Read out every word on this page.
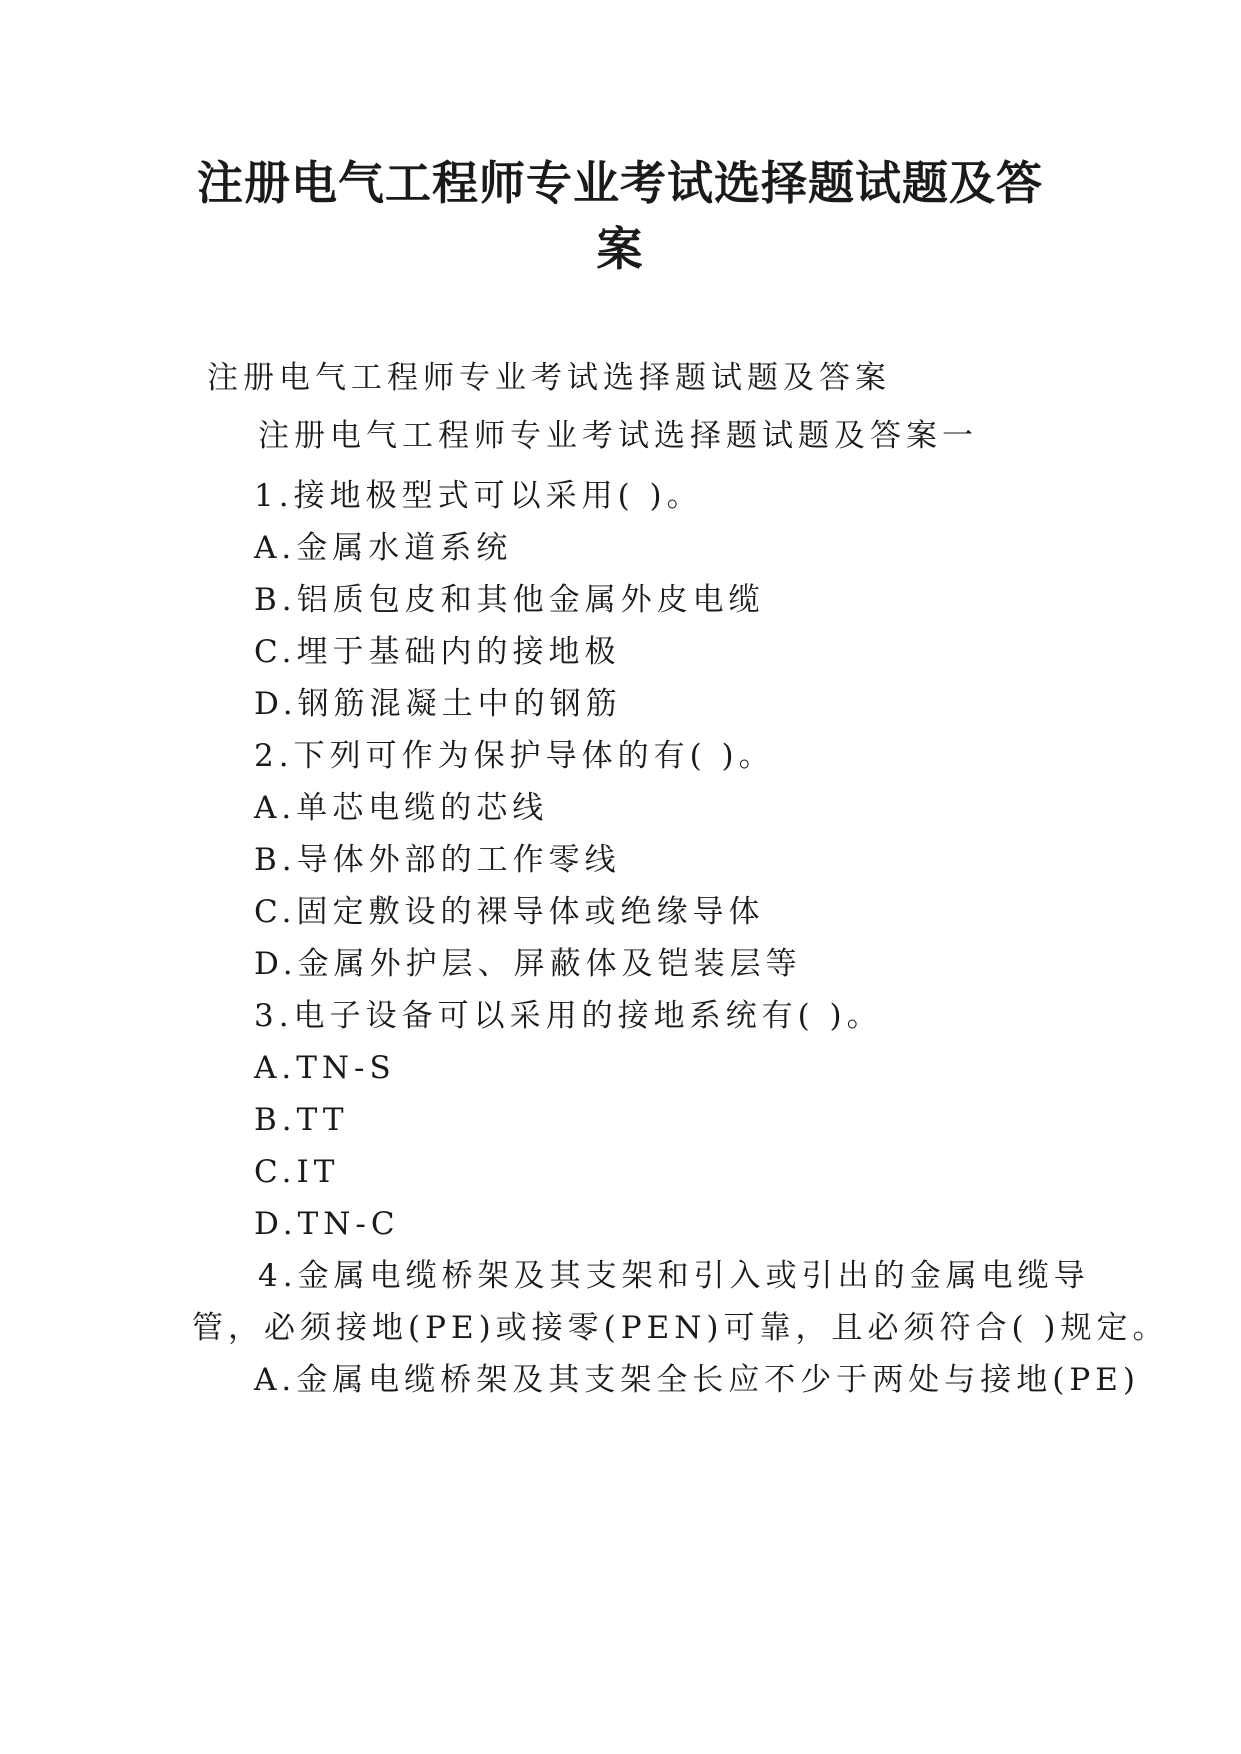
注册电气工程师专业考试选择题试题及答
案

注册电气工程师专业考试选择题试题及答案

注册电气工程师专业考试选择题试题及答案一

1.接地极型式可以采用( )。

A.金属水道系统

B.铝质包皮和其他金属外皮电缆

C.埋于基础内的接地极

D.钢筋混凝土中的钢筋

2.下列可作为保护导体的有( )。

A.单芯电缆的芯线

B.导体外部的工作零线

C.固定敷设的裸导体或绝缘导体

D.金属外护层、屏蔽体及铠装层等

3.电子设备可以采用的接地系统有( )。

A.TN-S

B.TT

C.IT

D.TN-C

4.金属电缆桥架及其支架和引入或引出的金属电缆导

管，必须接地(PE)或接零(PEN)可靠，且必须符合( )规定。

A.金属电缆桥架及其支架全长应不少于两处与接地(PE)
